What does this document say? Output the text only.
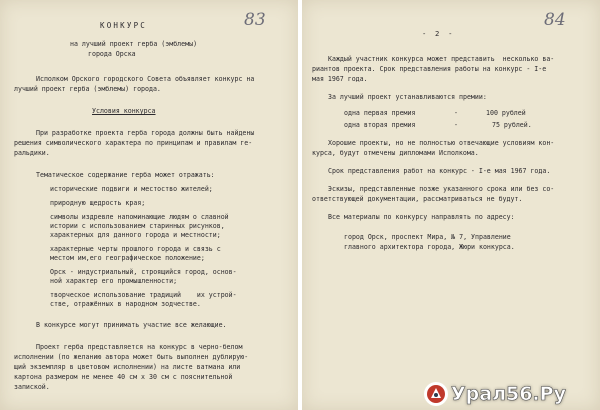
83
КОНКУРС
на лучший проект герба (эмблемы)
города Орска
Исполком Орского городского Совета объявляет конкурс на
лучший проект герба (эмблемы) города.
Условия конкурса
При разработке проекта герба города должны быть найдены
решения символического характера по принципам и правилам ге-
ральдики.
Тематическое содержание герба может отражать:
исторические подвиги и местоство жителей;
природную щедрость края;
символы издревле напоминающие людям о славной
истории с использованием старинных рисунков,
характерных для данного города и местности;
характерные черты прошлого города и связь с
местом им,его географическое положение;
Орск - индустриальный, строящийся город, основ-
ной характер его промышленности;
творческое использование традиций    их устрой-
стве, отражённых в народном зодчестве.
В конкурсе могут принимать участие все желающие.
Проект герба представляется на конкурс в черно-белом
исполнении (по желанию автора может быть выполнен дублирую-
щий экземпляр в цветовом исполнении) на листе ватмана или
картона размером не менее 40 см х 30 см с пояснительной
запиской.
84
- 2 -
Каждый участник конкурса может представить  несколько ва-
риантов проекта. Срок представления работы на конкурс - I-е
мая 1967 года.
За лучший проект устанавливаются премии:
одна первая премия	-	100 рублей
одна вторая премия	-	75 рублей.
Хорошие проекты, но не полностью отвечающие условиям кон-
курса, будут отмечены дипломами Исполкома.
Срок представления работ на конкурс - I-е мая 1967 года.
Эскизы, представленные позже указанного срока или без со-
ответствующей документации, рассматриваться не будут.
Все материалы по конкурсу направлять по адресу:
город Орск, проспект Мира, № 7, Управление
главного архитектора города, Жюри конкурса.
Урал56.Ру
